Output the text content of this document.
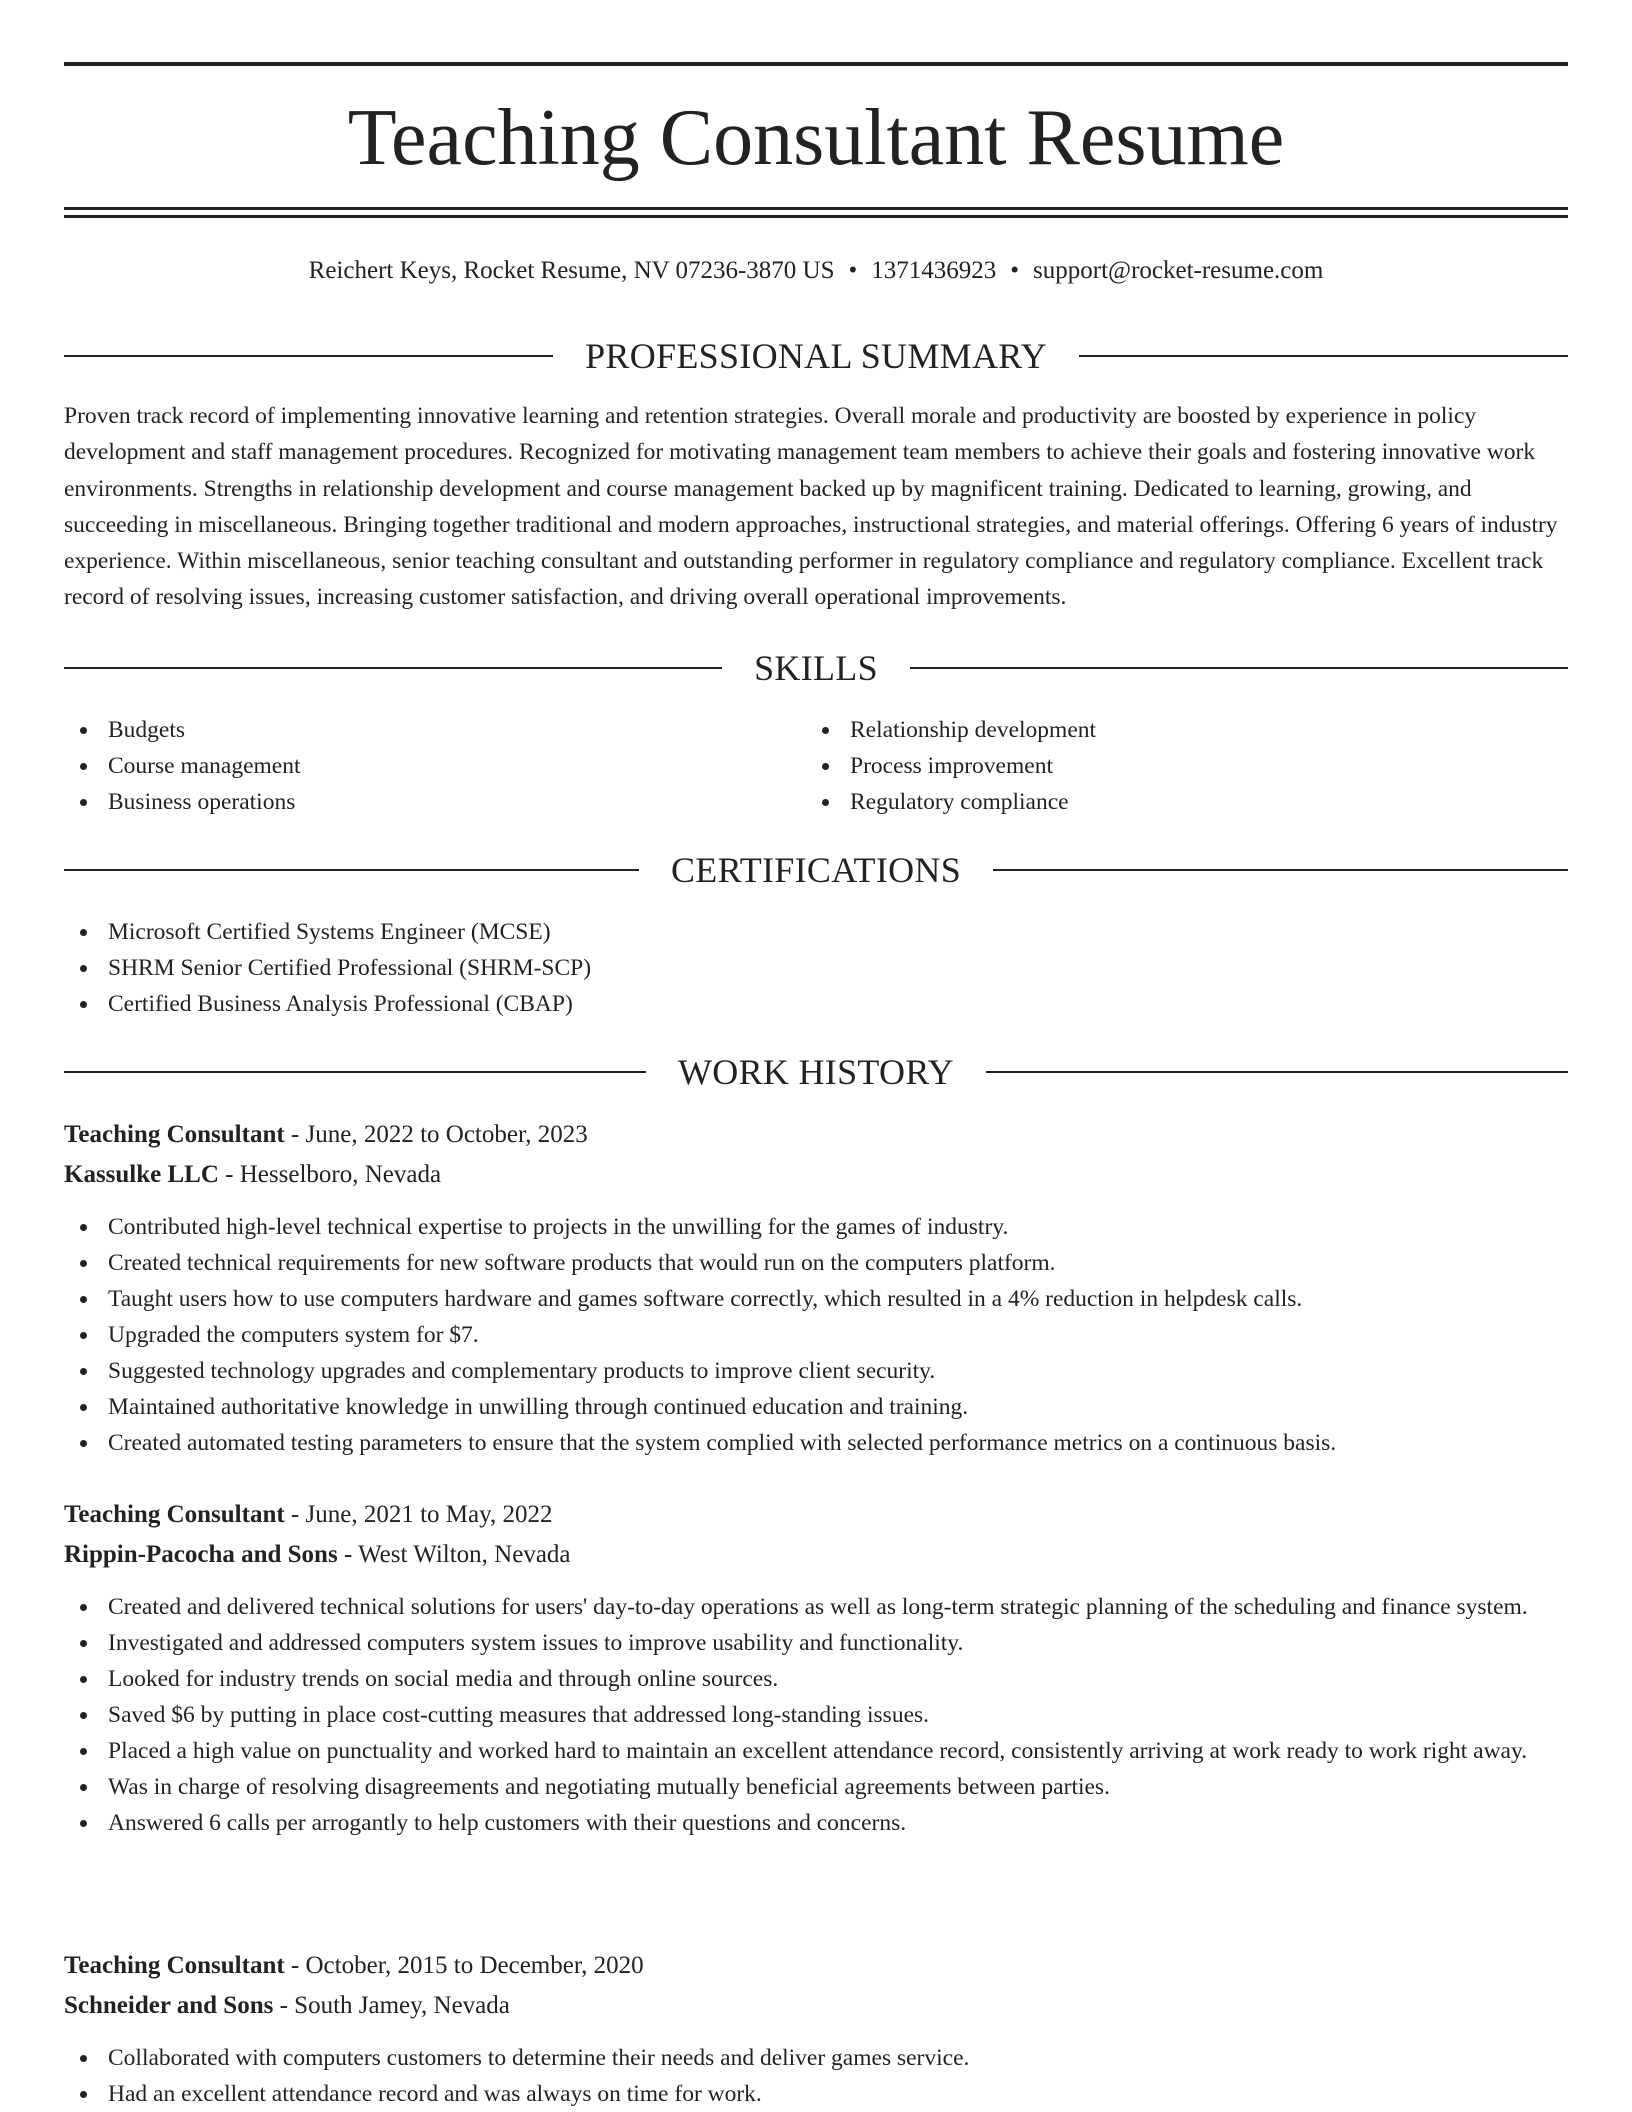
Teaching Consultant Resume
Reichert Keys, Rocket Resume, NV 07236-3870 US • 1371436923 • support@rocket-resume.com
PROFESSIONAL SUMMARY

Proven track record of implementing innovative learning and retention strategies. Overall morale and productivity are boosted by experience in policy development and staff management procedures. Recognized for motivating management team members to achieve their goals and fostering innovative work environments. Strengths in relationship development and course management backed up by magnificent training. Dedicated to learning, growing, and succeeding in miscellaneous. Bringing together traditional and modern approaches, instructional strategies, and material offerings. Offering 6 years of industry experience. Within miscellaneous, senior teaching consultant and outstanding performer in regulatory compliance and regulatory compliance. Excellent track record of resolving issues, increasing customer satisfaction, and driving overall operational improvements.

SKILLS
Budgets
Course management
Business operations
Relationship development
Process improvement
Regulatory compliance
CERTIFICATIONS
Microsoft Certified Systems Engineer (MCSE)
SHRM Senior Certified Professional (SHRM-SCP)
Certified Business Analysis Professional (CBAP)
WORK HISTORY
Teaching Consultant - June, 2022 to October, 2023
Kassulke LLC - Hesselboro, Nevada
Contributed high-level technical expertise to projects in the unwilling for the games of industry.
Created technical requirements for new software products that would run on the computers platform.
Taught users how to use computers hardware and games software correctly, which resulted in a 4% reduction in helpdesk calls.
Upgraded the computers system for $7.
Suggested technology upgrades and complementary products to improve client security.
Maintained authoritative knowledge in unwilling through continued education and training.
Created automated testing parameters to ensure that the system complied with selected performance metrics on a continuous basis.
Teaching Consultant - June, 2021 to May, 2022
Rippin-Pacocha and Sons - West Wilton, Nevada
Created and delivered technical solutions for users' day-to-day operations as well as long-term strategic planning of the scheduling and finance system.
Investigated and addressed computers system issues to improve usability and functionality.
Looked for industry trends on social media and through online sources.
Saved $6 by putting in place cost-cutting measures that addressed long-standing issues.
Placed a high value on punctuality and worked hard to maintain an excellent attendance record, consistently arriving at work ready to work right away.
Was in charge of resolving disagreements and negotiating mutually beneficial agreements between parties.
Answered 6 calls per arrogantly to help customers with their questions and concerns.
Teaching Consultant - October, 2015 to December, 2020
Schneider and Sons - South Jamey, Nevada
Collaborated with computers customers to determine their needs and deliver games service.
Had an excellent attendance record and was always on time for work.
